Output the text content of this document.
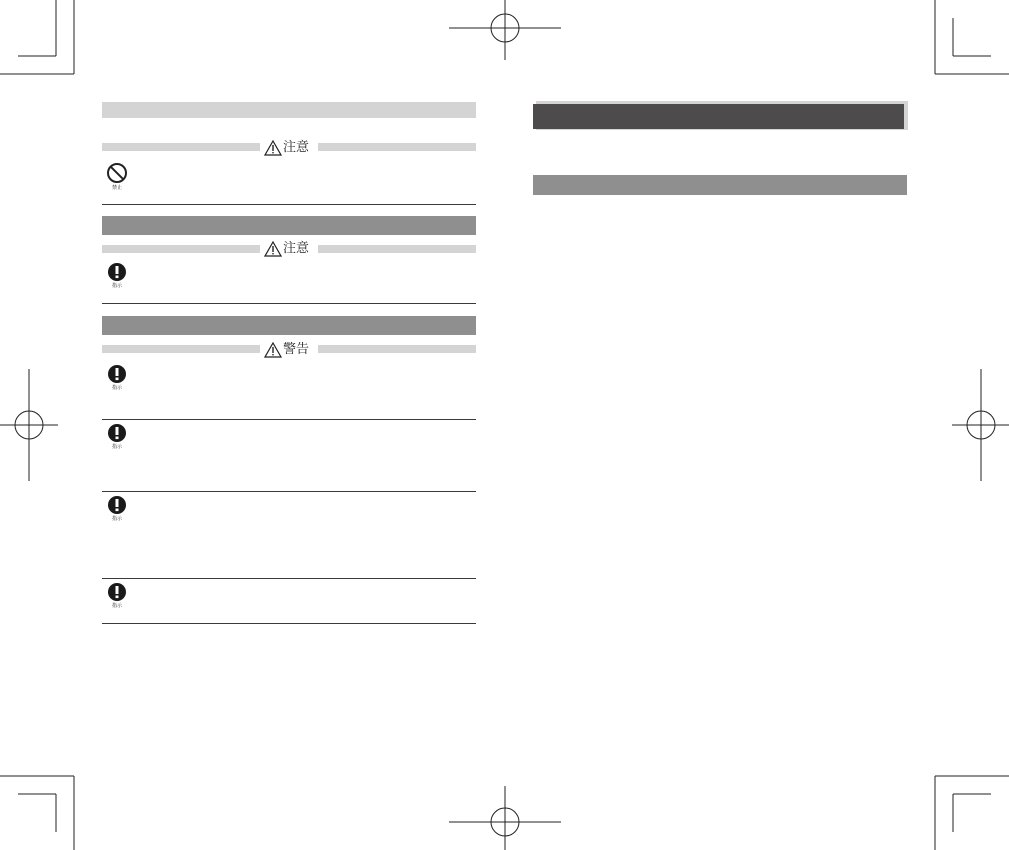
注意
禁止
注意
指示
警告
指示
指示
指示
指示
